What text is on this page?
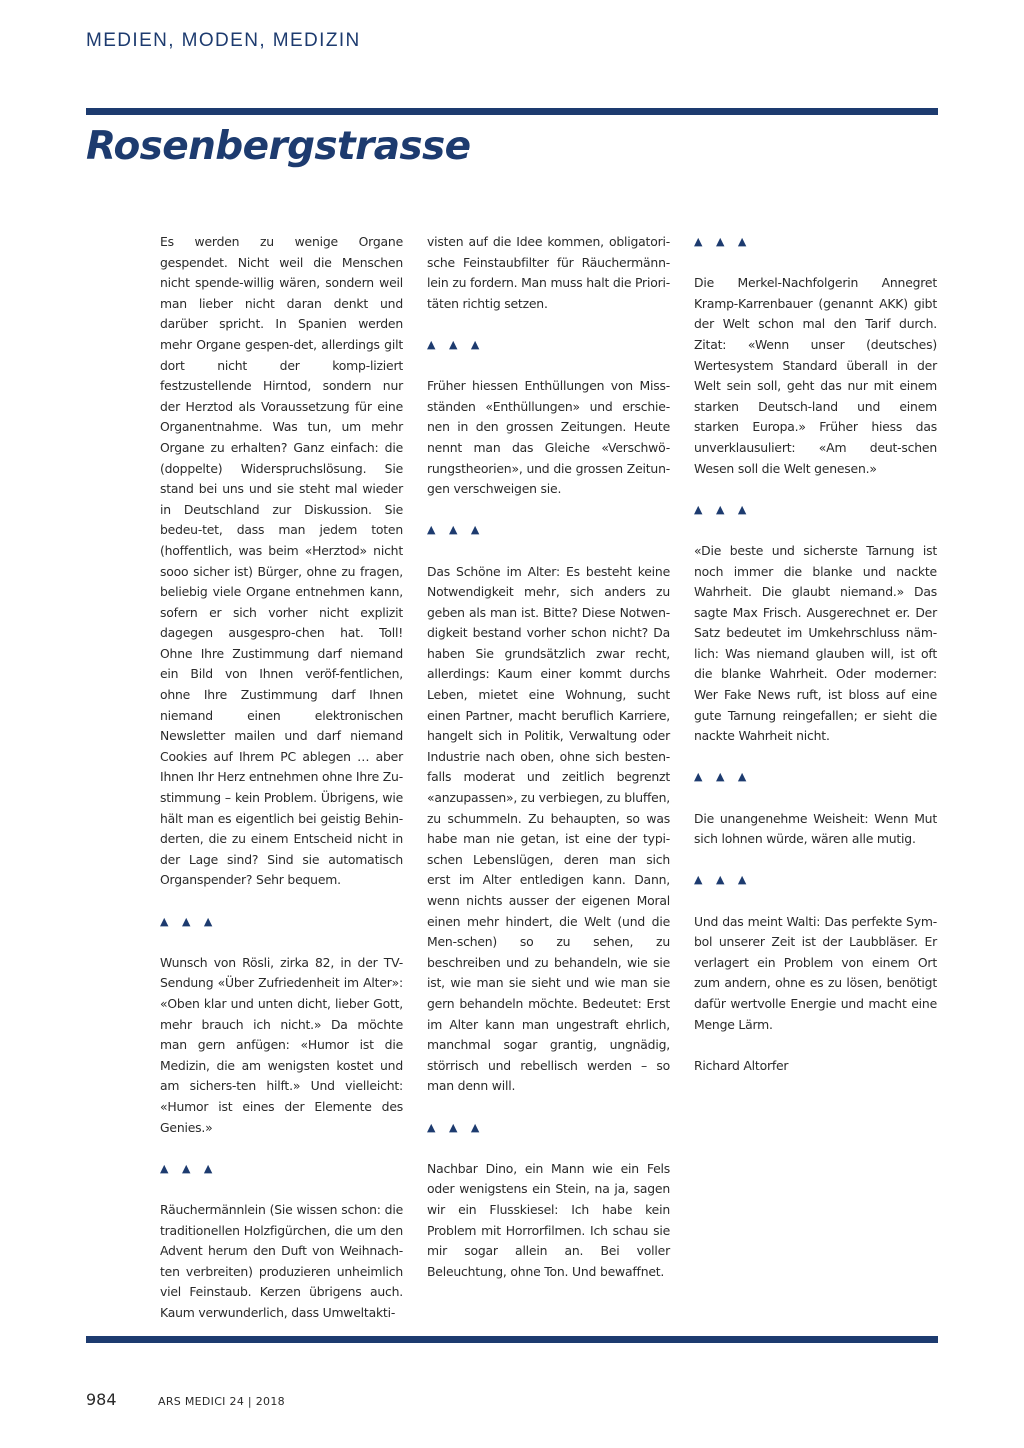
MEDIEN, MODEN, MEDIZIN
Rosenbergstrasse

Es werden zu wenige Organe gespendet. Nicht weil die Menschen nicht spende-willig wären, sondern weil man lieber nicht daran denkt und darüber spricht. In Spanien werden mehr Organe gespen-det, allerdings gilt dort nicht der komp-liziert festzustellende Hirntod, sondern nur der Herztod als Voraussetzung für eine Organentnahme. Was tun, um mehr Organe zu erhalten? Ganz einfach: die (doppelte) Widerspruchslösung. Sie stand bei uns und sie steht mal wieder in Deutschland zur Diskussion. Sie bedeu-tet, dass man jedem toten (hoffentlich, was beim «Herztod» nicht sooo sicher ist) Bürger, ohne zu fragen, beliebig viele Organe entnehmen kann, sofern er sich vorher nicht explizit dagegen ausgespro-chen hat. Toll! Ohne Ihre Zustimmung darf niemand ein Bild von Ihnen veröf-fentlichen, ohne Ihre Zustimmung darf Ihnen niemand einen elektronischen Newsletter mailen und darf niemand Cookies auf Ihrem PC ablegen … aber Ihnen Ihr Herz entnehmen ohne Ihre Zu-stimmung – kein Problem. Übrigens, wie hält man es eigentlich bei geistig Behin-derten, die zu einem Entscheid nicht in der Lage sind? Sind sie automatisch Organspender? Sehr bequem.

▲ ▲ ▲

Wunsch von Rösli, zirka 82, in der TV-Sendung «Über Zufriedenheit im Alter»: «Oben klar und unten dicht, lieber Gott, mehr brauch ich nicht.» Da möchte man gern anfügen: «Humor ist die Medizin, die am wenigsten kostet und am sichers-ten hilft.» Und vielleicht: «Humor ist eines der Elemente des Genies.»

▲ ▲ ▲

Räuchermännlein (Sie wissen schon: die traditionellen Holzfigürchen, die um den Advent herum den Duft von Weihnach-ten verbreiten) produzieren unheimlich viel Feinstaub. Kerzen übrigens auch. Kaum verwunderlich, dass Umweltakti-

visten auf die Idee kommen, obligatori-sche Feinstaubfilter für Räuchermänn-lein zu fordern. Man muss halt die Priori-täten richtig setzen.

▲ ▲ ▲

Früher hiessen Enthüllungen von Miss-ständen «Enthüllungen» und erschie-nen in den grossen Zeitungen. Heute nennt man das Gleiche «Verschwö-rungstheorien», und die grossen Zeitun-gen verschweigen sie.

▲ ▲ ▲

Das Schöne im Alter: Es besteht keine Notwendigkeit mehr, sich anders zu geben als man ist. Bitte? Diese Notwen-digkeit bestand vorher schon nicht? Da haben Sie grundsätzlich zwar recht, allerdings: Kaum einer kommt durchs Leben, mietet eine Wohnung, sucht einen Partner, macht beruflich Karriere, hangelt sich in Politik, Verwaltung oder Industrie nach oben, ohne sich besten-falls moderat und zeitlich begrenzt «anzupassen», zu verbiegen, zu bluffen, zu schummeln. Zu behaupten, so was habe man nie getan, ist eine der typi-schen Lebenslügen, deren man sich erst im Alter entledigen kann. Dann, wenn nichts ausser der eigenen Moral einen mehr hindert, die Welt (und die Men-schen) so zu sehen, zu beschreiben und zu behandeln, wie sie ist, wie man sie sieht und wie man sie gern behandeln möchte. Bedeutet: Erst im Alter kann man ungestraft ehrlich, manchmal sogar grantig, ungnädig, störrisch und rebellisch werden – so man denn will.

▲ ▲ ▲

Nachbar Dino, ein Mann wie ein Fels oder wenigstens ein Stein, na ja, sagen wir ein Flusskiesel: Ich habe kein Problem mit Horrorfilmen. Ich schau sie mir sogar allein an. Bei voller Beleuchtung, ohne Ton. Und bewaffnet.

▲ ▲ ▲

Die Merkel-Nachfolgerin Annegret Kramp-Karrenbauer (genannt AKK) gibt der Welt schon mal den Tarif durch. Zitat: «Wenn unser (deutsches) Wertesystem Standard überall in der Welt sein soll, geht das nur mit einem starken Deutsch-land und einem starken Europa.» Früher hiess das unverklausuliert: «Am deut-schen Wesen soll die Welt genesen.»

▲ ▲ ▲

«Die beste und sicherste Tarnung ist noch immer die blanke und nackte Wahrheit. Die glaubt niemand.» Das sagte Max Frisch. Ausgerechnet er. Der Satz bedeutet im Umkehrschluss näm-lich: Was niemand glauben will, ist oft die blanke Wahrheit. Oder moderner: Wer Fake News ruft, ist bloss auf eine gute Tarnung reingefallen; er sieht die nackte Wahrheit nicht.

▲ ▲ ▲

Die unangenehme Weisheit: Wenn Mut sich lohnen würde, wären alle mutig.

▲ ▲ ▲

Und das meint Walti: Das perfekte Sym-bol unserer Zeit ist der Laubbläser. Er verlagert ein Problem von einem Ort zum andern, ohne es zu lösen, benötigt dafür wertvolle Energie und macht eine Menge Lärm.

Richard Altorfer

984	ARS MEDICI 24 | 2018
